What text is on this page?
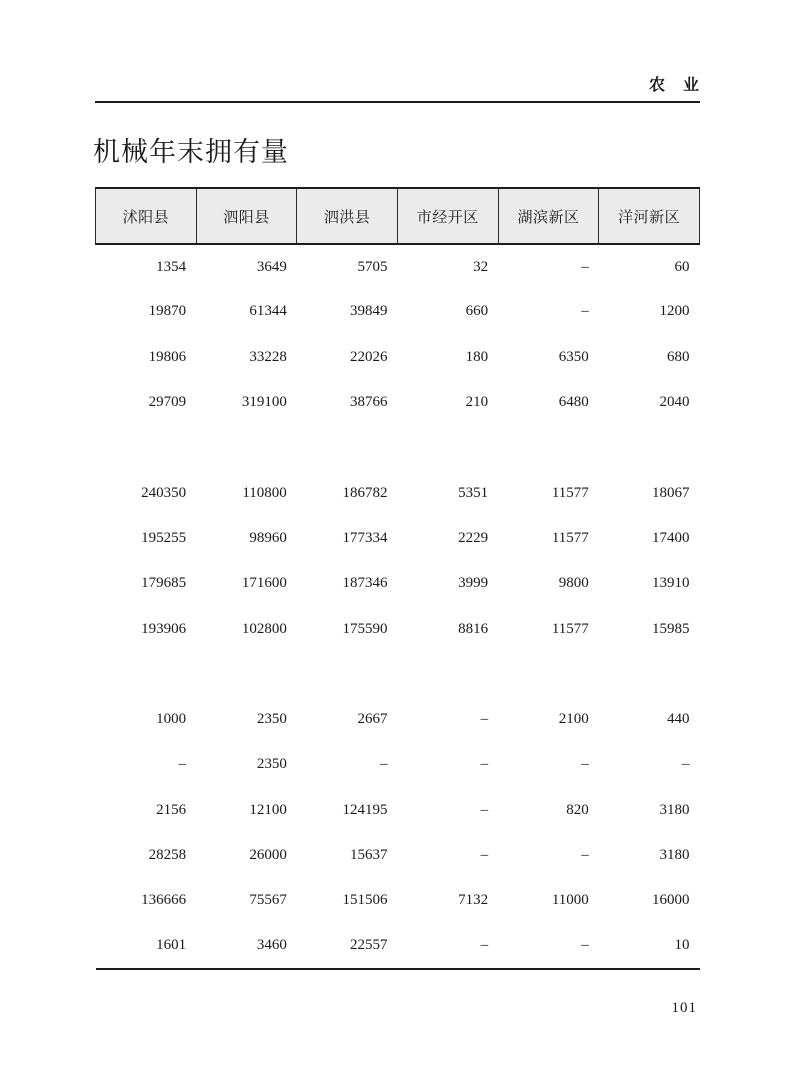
农　业
机械年末拥有量
沭阳县	泗阳县	泗洪县	市经开区	湖滨新区	洋河新区
1354	3649	5705	32	–	60
19870	61344	39849	660	–	1200
19806	33228	22026	180	6350	680
29709	319100	38766	210	6480	2040

240350	110800	186782	5351	11577	18067
195255	98960	177334	2229	11577	17400
179685	171600	187346	3999	9800	13910
193906	102800	175590	8816	11577	15985

1000	2350	2667	–	2100	440
–	2350	–	–	–	–
2156	12100	124195	–	820	3180
28258	26000	15637	–	–	3180
136666	75567	151506	7132	11000	16000
1601	3460	22557	–	–	10
101
